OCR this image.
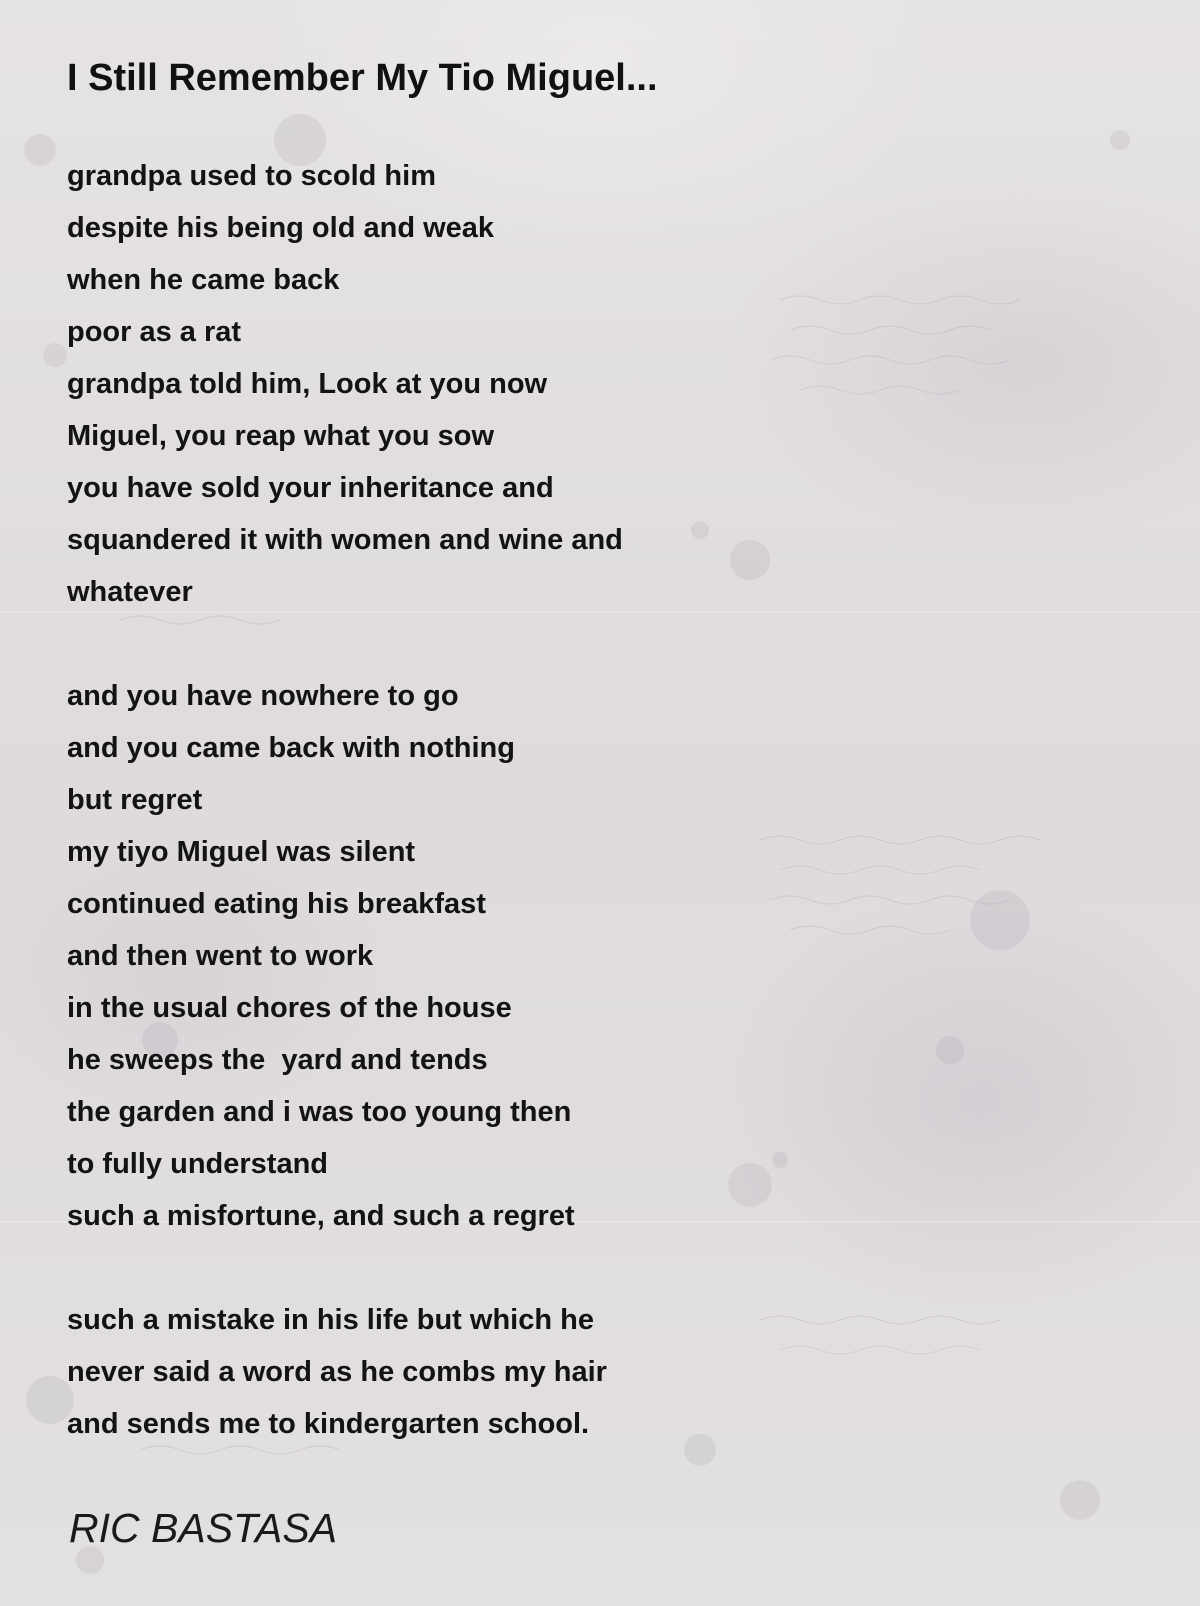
I Still Remember My Tio Miguel...
grandpa used to scold him
despite his being old and weak
when he came back
poor as a rat
grandpa told him, Look at you now
Miguel, you reap what you sow
you have sold your inheritance and
squandered it with women and wine and
whatever
and you have nowhere to go
and you came back with nothing
but regret
my tiyo Miguel was silent
continued eating his breakfast
and then went to work
in the usual chores of the house
he sweeps the  yard and tends
the garden and i was too young then
to fully understand
such a misfortune, and such a regret
such a mistake in his life but which he
never said a word as he combs my hair
and sends me to kindergarten school.
RIC BASTASA
